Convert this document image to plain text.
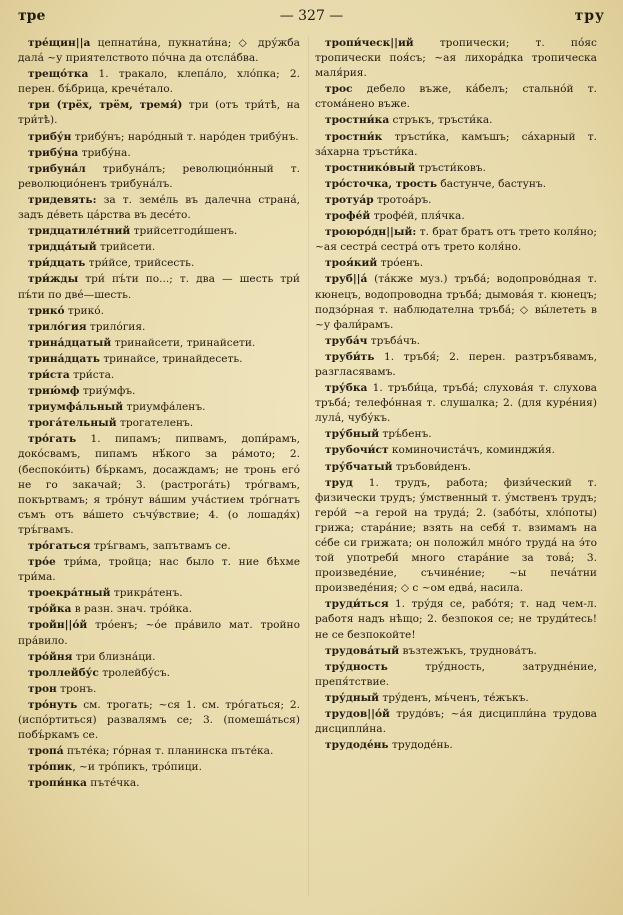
тре	— 327 —	тру

тре́щин||а цепнати́на, пукнати́на; ◇ дру́жба дала́ ~у приятелството по́чна да отсла́бва.

трещо́тка 1. тракало, клепа́ло, хло́пка; 2. перен. бъ́брица, крече́тало.

три (трёх, трём, тремя́) три (отъ три́тѣ, на три́тѣ).

трибу́н трибу́нъ; наро́дный т. наро́ден трибу́нъ.

трибу́на трибу́на.

трибуна́л трибуна́лъ; революцио́нный т. революцио́ненъ трибуна́лъ.

тридевять: за т. земе́ль въ далечна страна́, задъ де́веть ца́рства въ десе́то.

тридцатиле́тний трийсетгоди́шенъ.

тридца́тый трийсети.

три́дцать три́йсе, трийсесть.

три́жды три́ пъ́ти по...; т. два — шесть три́ пъ́ти по две́—шесть.

трико́ трико́.

трило́гия трило́гия.

трина́дцатый тринайсети, тринайсети.

трина́дцать тринайсе, тринайдесеть.

три́ста три́ста.

трию́мф триу́мфъ.

триумфа́льный триумфа́ленъ.

трога́тельный трогателенъ.

тро́гать 1. пипамъ; пипвамъ, допи́рамъ, доко́свамъ, пипамъ нѣ́кого за ра́мото; 2. (беспоко́ить) бъ́ркамъ, досаждамъ; не тронь его́ не го закачай; 3. (растрога́ть) тро́гвамъ, покъртвамъ; я тро́нут ва́шим уча́стием тро́гнатъ съмъ отъ ва́шето съчу́вствие; 4. (о лошадя́х) тръ́гвамъ.

тро́гаться тръ́гвамъ, запътвамъ се.

тро́е три́ма, тройца; нас было т. ние бѣхме три́ма.

троекра́тный трикра́тенъ.

тро́йка в разн. знач. тро́йка.

тройн||о́й тро́енъ; ~о́е пра́вило мат. тройно пра́вило.

тро́йня три близна́ци.

троллейбу́с тролейбу́съ.

трон тронъ.

тро́нуть см. трогать; ~ся 1. см. тро́гаться; 2. (испо́ртиться) развалямъ се; 3. (помеша́ться) побъ́ркамъ се.

тропа́ пъте́ка; го́рная т. планинска пъте́ка.

тро́пик, ~и тро́пикъ, тро́пици.

тропи́нка пъте́чка.

тропи́ческ||ий тропически; т. по́яс тропически поя́съ; ~ая лихора́дка тропическа маля́рия.

трос дебело въже, ка́белъ; стально́й т. стома́нено въже.

тростни́ка стръкъ, тръсти́ка.

тростни́к тръсти́ка, камъшъ; са́харный т. за́харна тръсти́ка.

тростнико́вый тръсти́ковъ.

тро́сточка, трость бастунче, бастунъ.

тротуа́р тротоа́ръ.

трофе́й трофе́й, пля́чка.

троюро́дн||ый: т. брат братъ отъ трето коля́но; ~ая сестра́ сестра́ отъ трето коля́но.

троя́кий тро́енъ.

труб||а́ (та́кже муз.) тръба́; водопрово́дная т. кюнецъ, водопроводна тръба́; дымова́я т. кюнецъ; подзо́рная т. наблюдателна тръба́; ◇ вы́лететь в ~у фали́рамъ.

труба́ч тръба́чъ.

труби́ть 1. тръбя́; 2. перен. разтръбявамъ, разгласявамъ.

тру́бка 1. тръби́ца, тръба́; слухова́я т. слухова тръба́; телефо́нная т. слушалка; 2. (для куре́ния) лула́, чубу́къ.

тру́бный тръ́бенъ.

трубочи́ст коминочиста́чъ, коминджи́я.

тру́бчатый тръбови́денъ.

труд 1. трудъ, работа; физи́ческий т. физически трудъ; у́мственный т. у́мственъ трудъ; геро́й ~а герой на труда́; 2. (забо́ты, хло́поты) грижа; стара́ние; взять на себя́ т. взимамъ на се́бе си грижата; он положи́л мно́го труда́ на э́то той употреби́ много стара́ние за това́; 3. произведе́ние, съчине́ние; ~ы печа́тни произведе́ния; ◇ с ~ом едва́, насила.

труди́ться 1. тру́дя се, рабо́тя; т. над чем-л. работя надъ нѣщо; 2. безпокоя се; не труди́тесь! не се безпокойте!

трудова́тый възтежъкъ, труднова́тъ.

тру́дность тру́дность, затрудне́ние, препя́тствие.

тру́дный тру́денъ, мъ́ченъ, те́жъкъ.

трудов||о́й трудо́въ; ~а́я дисципли́на трудова дисципли́на.

трудоде́нь трудоде́нь.
